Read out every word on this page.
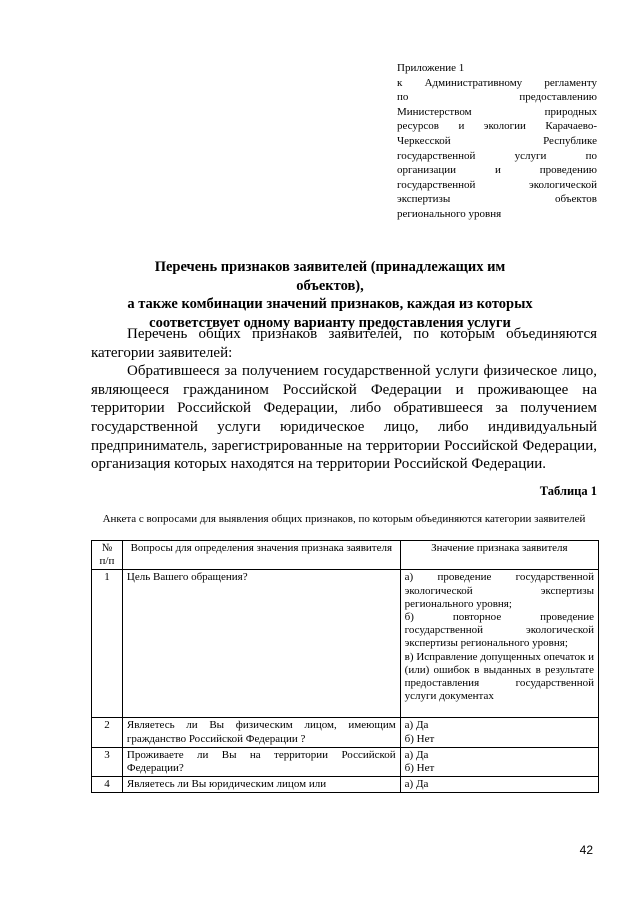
Приложение 1
к Административному регламенту
по предоставлению
Министерством природных
ресурсов и экологии Карачаево-
Черкесской Республике
государственной услуги по
организации и проведению
государственной экологической
экспертизы объектов
регионального уровня
Перечень признаков заявителей (принадлежащих им объектов),
а также комбинации значений признаков, каждая из которых
соответствует одному варианту предоставления услуги

Перечень общих признаков заявителей, по которым объединяются категории заявителей:

Обратившееся за получением государственной услуги физическое лицо, являющееся гражданином Российской Федерации и проживающее на территории Российской Федерации, либо обратившееся за получением государственной услуги юридическое лицо, либо индивидуальный предприниматель, зарегистрированные на территории Российской Федерации, организация которых находятся на территории Российской Федерации.

Таблица 1
Анкета с вопросами для выявления общих признаков, по которым объединяются категории заявителей
№ п/п	Вопросы для определения значения признака заявителя	Значение признака заявителя
1	Цель Вашего обращения?	а) проведение государственной экологической экспертизы регионального уровня;

б) повторное проведение государственной экологической экспертизы регионального уровня;

в) Исправление допущенных опечаток и (или) ошибок в выданных в результате предоставления государственной услуги документах

2	Являетесь ли Вы физическим лицом, имеющим гражданство Российской Федерации ?	а) Да

б) Нет

3	Проживаете ли Вы на территории Российской Федерации?	а) Да

б) Нет

4	Являетесь ли Вы юридическим лицом или	а) Да

42
